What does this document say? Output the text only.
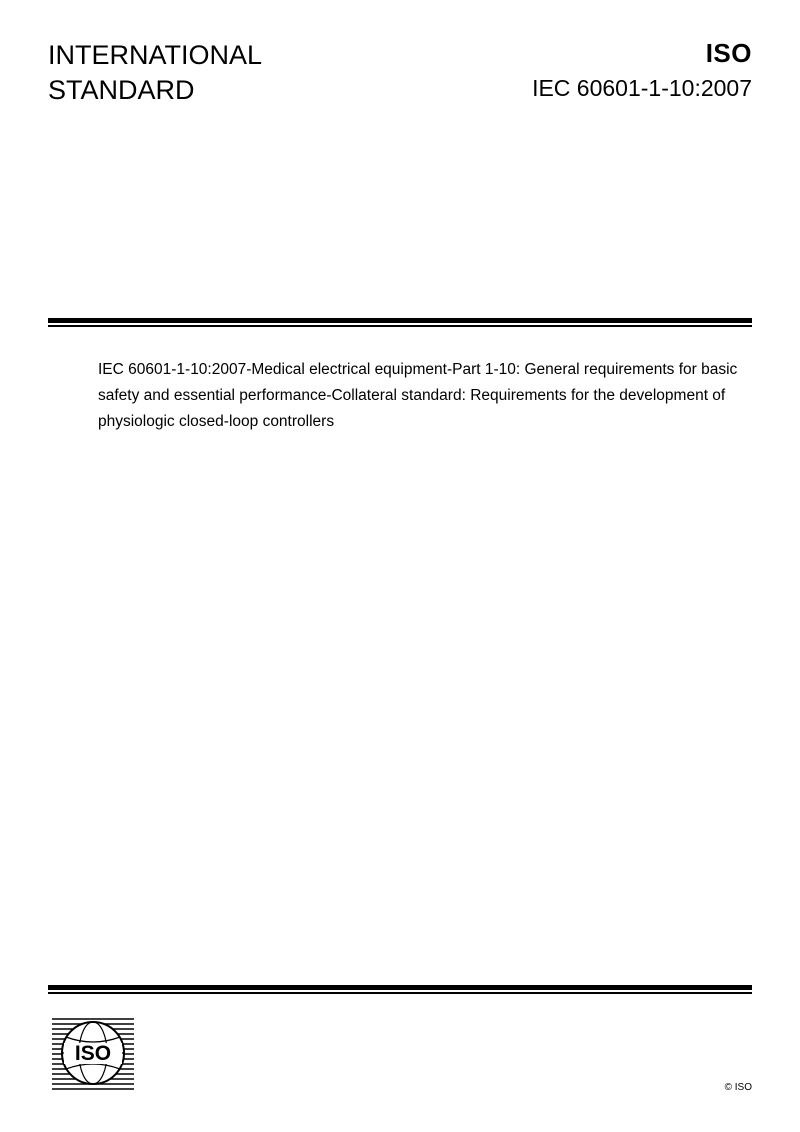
INTERNATIONAL
STANDARD
ISO
IEC 60601-1-10:2007
IEC 60601-1-10:2007-Medical electrical equipment-Part 1-10: General requirements for basic safety and essential performance-Collateral standard: Requirements for the development of physiologic closed-loop controllers
ISO
© ISO
